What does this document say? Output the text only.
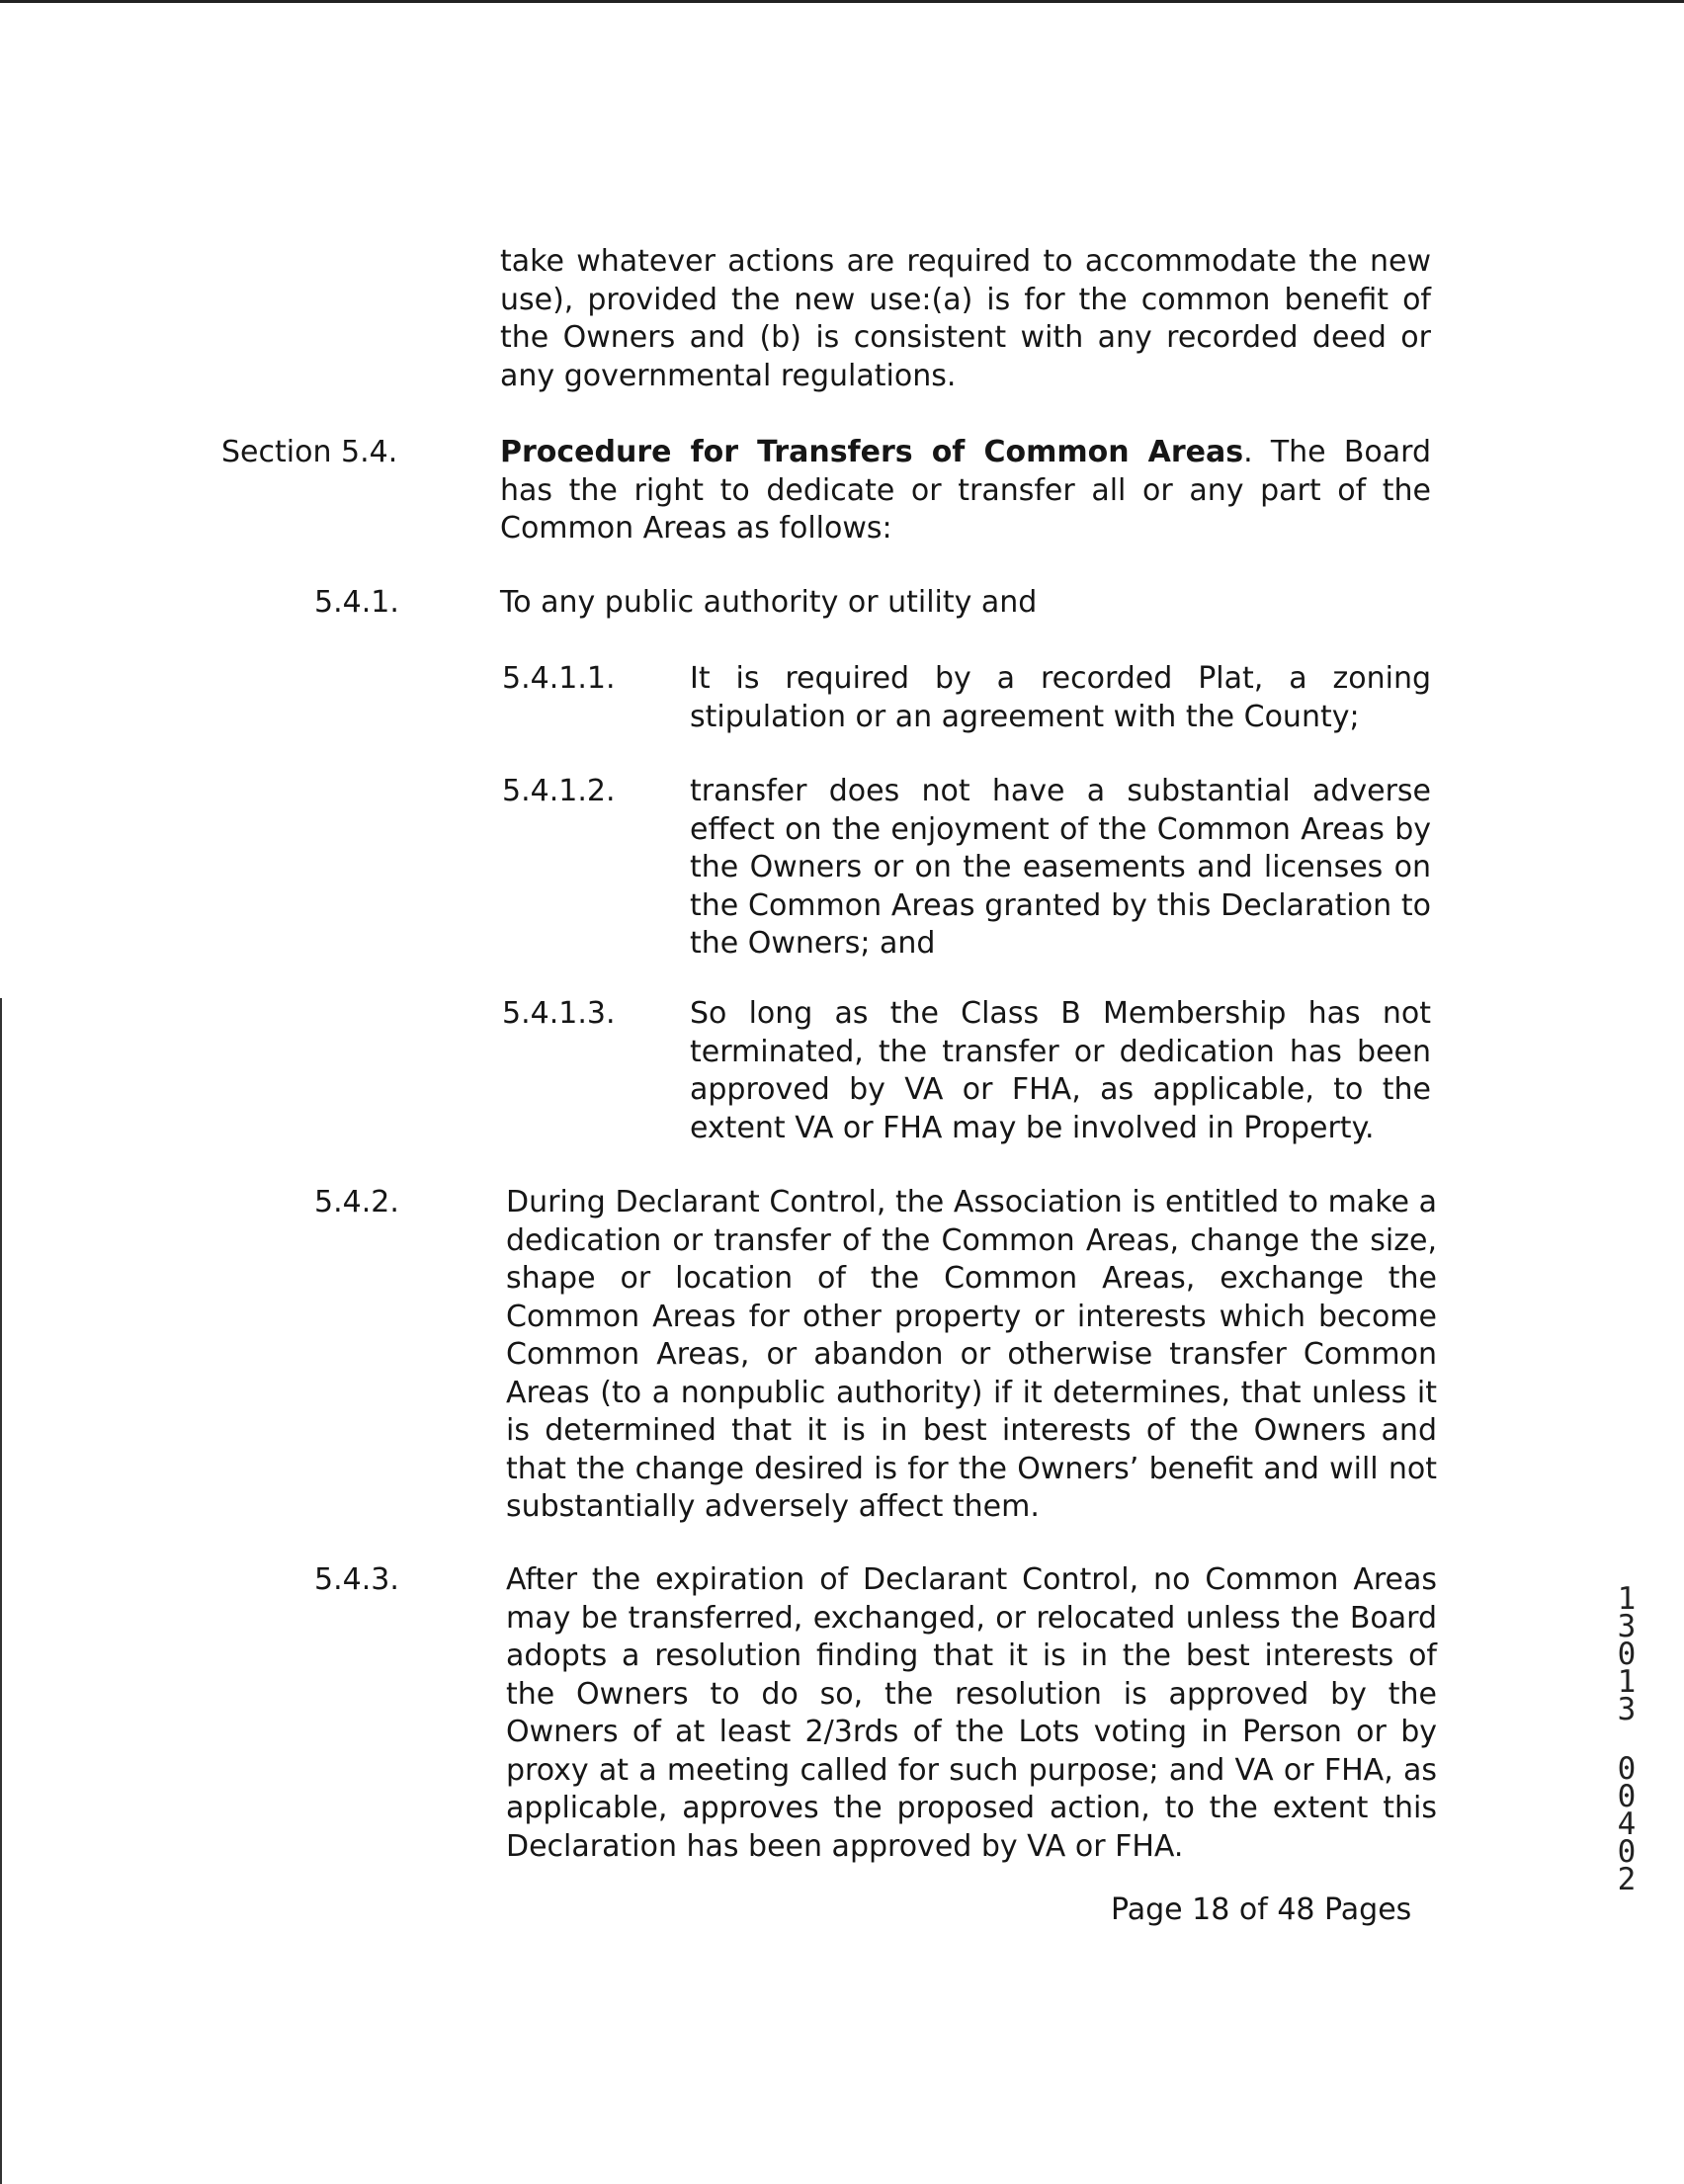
take whatever actions are required to accommodate the new use), provided the new use:(a) is for the common benefit of the Owners and (b) is consistent with any recorded deed or any governmental regulations.
Section 5.4.	Procedure for Transfers of Common Areas. The Board has the right to dedicate or transfer all or any part of the Common Areas as follows:
5.4.1.	To any public authority or utility and
5.4.1.1.	It is required by a recorded Plat, a zoning stipulation or an agreement with the County;
5.4.1.2.	transfer does not have a substantial adverse effect on the enjoyment of the Common Areas by the Owners or on the easements and licenses on the Common Areas granted by this Declaration to the Owners; and
5.4.1.3.	So long as the Class B Membership has not terminated, the transfer or dedication has been approved by VA or FHA, as applicable, to the extent VA or FHA may be involved in Property.
5.4.2.	During Declarant Control, the Association is entitled to make a dedication or transfer of the Common Areas, change the size, shape or location of the Common Areas, exchange the Common Areas for other property or interests which become Common Areas, or abandon or otherwise transfer Common Areas (to a nonpublic authority) if it determines, that unless it is determined that it is in best interests of the Owners and that the change desired is for the Owners’ benefit and will not substantially adversely affect them.
5.4.3.	After the expiration of Declarant Control, no Common Areas may be transferred, exchanged, or relocated unless the Board adopts a resolution finding that it is in the best interests of the Owners to do so, the resolution is approved by the Owners of at least 2/3rds of the Lots voting in Person or by proxy at a meeting called for such purpose; and VA or FHA, as applicable, approves the proposed action, to the extent this Declaration has been approved by VA or FHA.
Page 18 of 48 Pages
1
3
0
1
3
0
0
4
0
2
